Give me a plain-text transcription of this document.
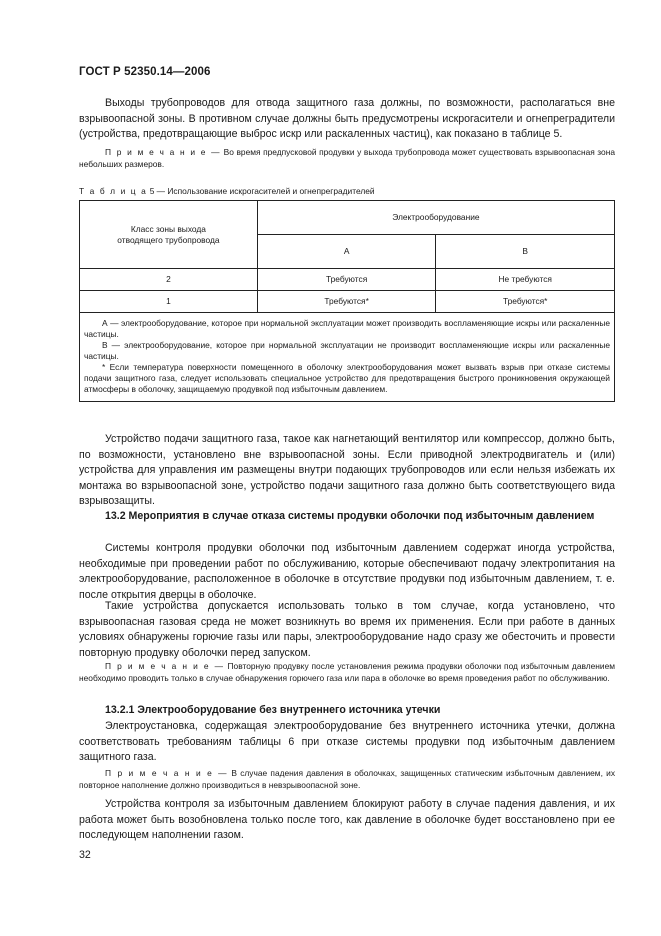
ГОСТ Р 52350.14—2006
Выходы трубопроводов для отвода защитного газа должны, по возможности, располагаться вне взрывоопасной зоны. В противном случае должны быть предусмотрены искрогасители и огнепреградители (устройства, предотвращающие выброс искр или раскаленных частиц), как показано в таблице 5.
П р и м е ч а н и е — Во время предпусковой продувки у выхода трубопровода может существовать взрывоопасная зона небольших размеров.
Т а б л и ц а 5 — Использование искрогасителей и огнепреградителей
Класс зоны выхода отводящего трубопровода	Электрооборудование	
	А	В
2	Требуются	Не требуются
1	Требуются*	Требуются*

А — электрооборудование, которое при нормальной эксплуатации может производить воспламеняющие искры или раскаленные частицы.

В — электрооборудование, которое при нормальной эксплуатации не производит воспламеняющие искры или раскаленные частицы.

* Если температура поверхности помещенного в оболочку электрооборудования может вызвать взрыв при отказе системы подачи защитного газа, следует использовать специальное устройство для предотвращения быстрого проникновения окружающей атмосферы в оболочку, защищаемую продувкой под избыточным давлением.		

Устройство подачи защитного газа, такое как нагнетающий вентилятор или компрессор, должно быть, по возможности, установлено вне взрывоопасной зоны. Если приводной электродвигатель и (или) устройства для управления им размещены внутри подающих трубопроводов или если нельзя избежать их монтажа во взрывоопасной зоне, устройство подачи защитного газа должно быть соответствующего вида взрывозащиты.
13.2 Мероприятия в случае отказа системы продувки оболочки под избыточным давлением
Системы контроля продувки оболочки под избыточным давлением содержат иногда устройства, необходимые при проведении работ по обслуживанию, которые обеспечивают подачу электропитания на электрооборудование, расположенное в оболочке в отсутствие продувки под избыточным давлением, т. е. после открытия дверцы в оболочке.
Такие устройства допускается использовать только в том случае, когда установлено, что взрывоопасная газовая среда не может возникнуть во время их применения. Если при работе в данных условиях обнаружены горючие газы или пары, электрооборудование надо сразу же обесточить и провести повторную продувку оболочки перед запуском.
П р и м е ч а н и е — Повторную продувку после установления режима продувки оболочки под избыточным давлением необходимо проводить только в случае обнаружения горючего газа или пара в оболочке во время проведения работ по обслуживанию.
13.2.1 Электрооборудование без внутреннего источника утечки
Электроустановка, содержащая электрооборудование без внутреннего источника утечки, должна соответствовать требованиям таблицы 6 при отказе системы продувки под избыточным давлением защитного газа.
П р и м е ч а н и е — В случае падения давления в оболочках, защищенных статическим избыточным давлением, их повторное наполнение должно производиться в невзрывоопасной зоне.
Устройства контроля за избыточным давлением блокируют работу в случае падения давления, и их работа может быть возобновлена только после того, как давление в оболочке будет восстановлено при ее последующем наполнении газом.
32
